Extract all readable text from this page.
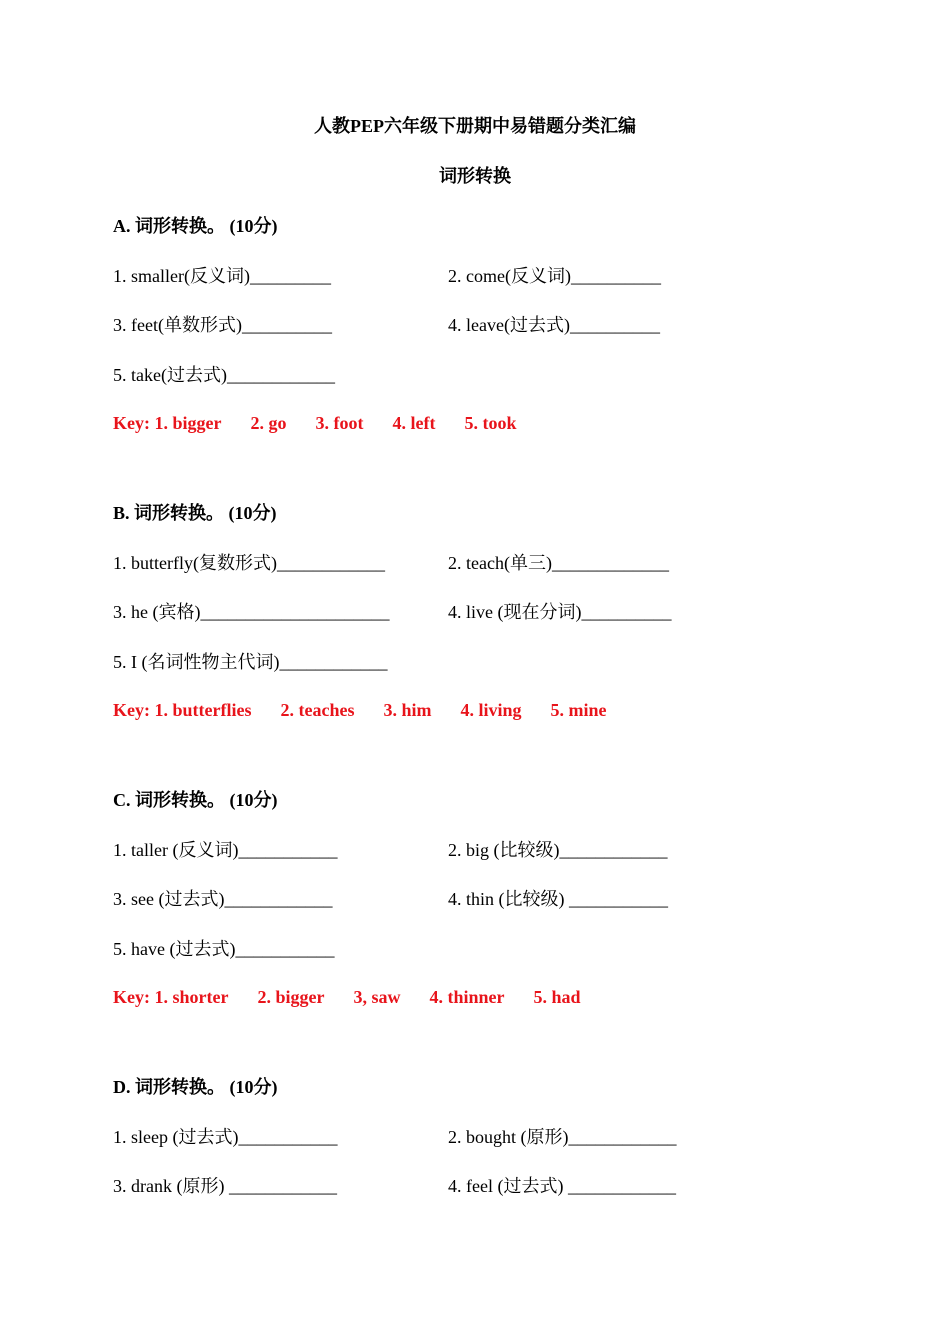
人教PEP六年级下册期中易错题分类汇编
词形转换
A. 词形转换。 (10分)
1. smaller(反义词)_________	2. come(反义词)__________
3. feet(单数形式)__________	4. leave(过去式)__________
5. take(过去式)____________
Key: 1. bigger 2. go 3. foot 4. left 5. took
B. 词形转换。 (10分)
1. butterfly(复数形式)____________	2. teach(单三)_____________
3. he (宾格)_____________________	4. live (现在分词)__________
5. I (名词性物主代词)____________
Key: 1. butterflies 2. teaches 3. him 4. living 5. mine
C. 词形转换。 (10分)
1. taller (反义词)___________	2. big (比较级)____________
3. see (过去式)____________	4. thin (比较级) ___________
5. have (过去式)___________
Key: 1. shorter 2. bigger 3, saw 4. thinner 5. had
D. 词形转换。 (10分)
1. sleep (过去式)___________	2. bought (原形)____________
3. drank (原形) ____________	4. feel (过去式) ____________
